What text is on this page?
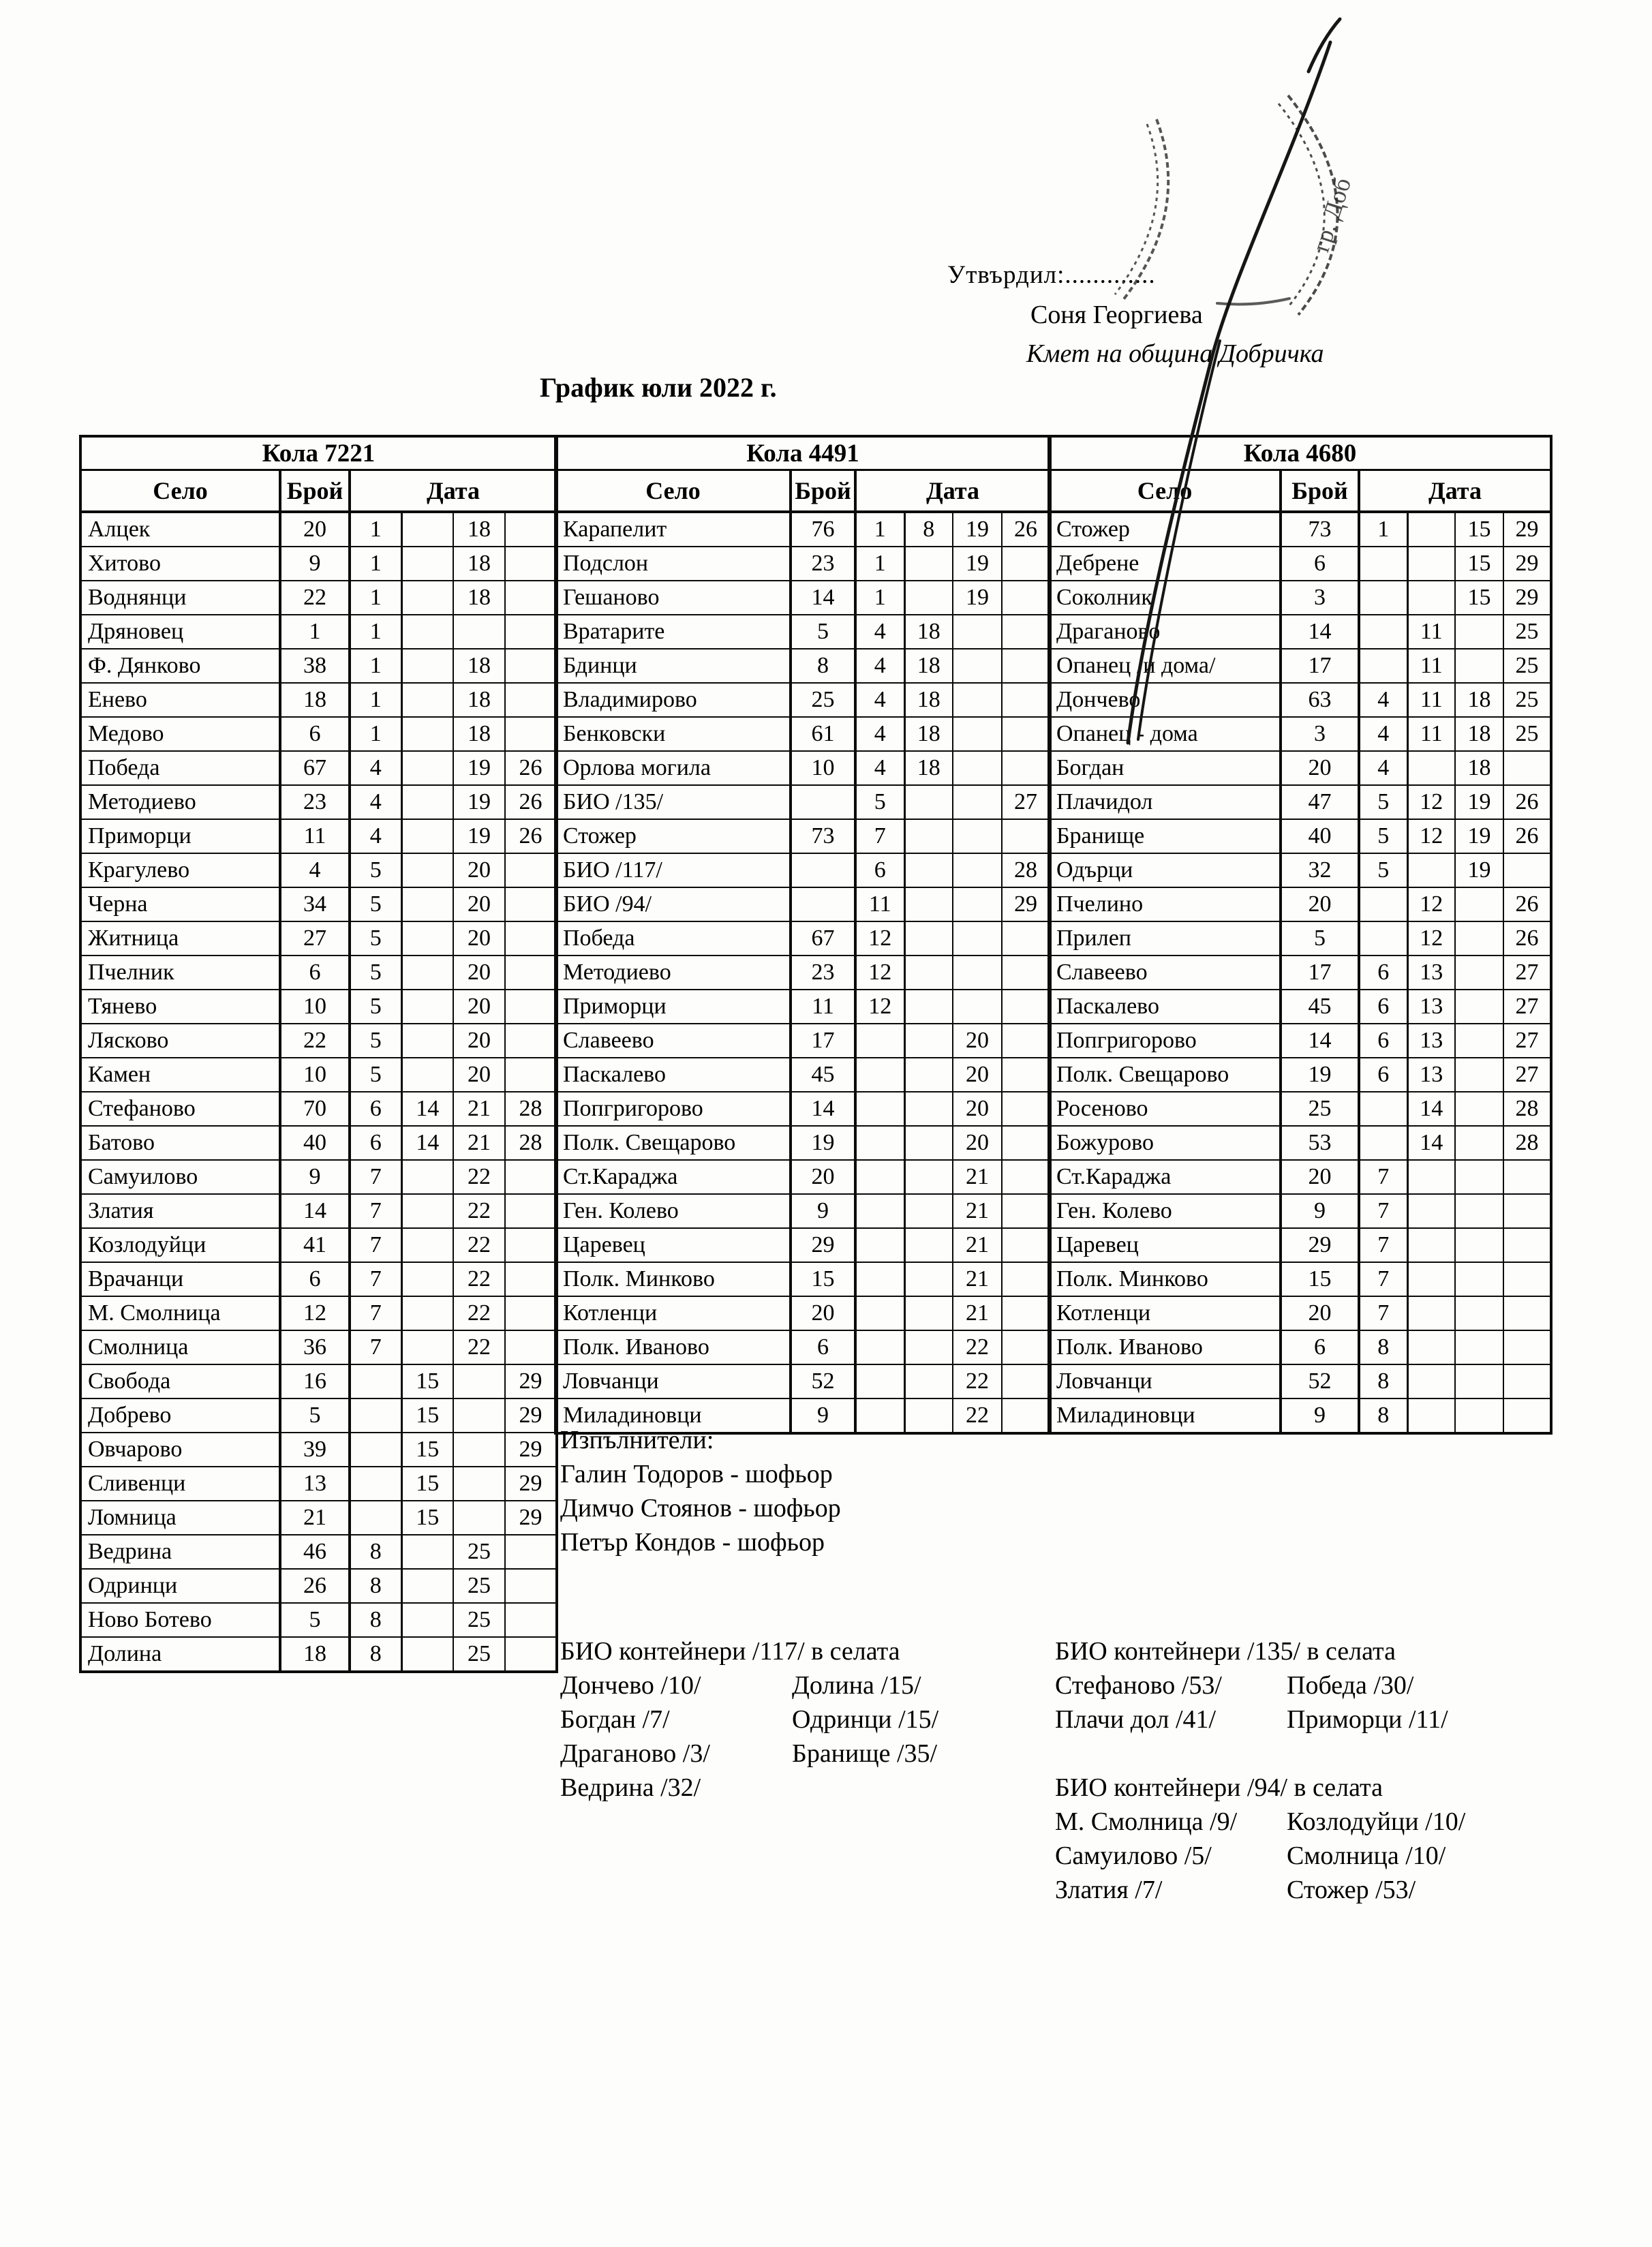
Утвърдил:.............
Соня Георгиева
Кмет на община Добричка
График юли 2022 г.
Кола 7221					
Село	Брой	Дата			
Алцек	20	1		18	
Хитово	9	1		18	
Воднянци	22	1		18	
Дряновец	1	1			
Ф. Дянково	38	1		18	
Енево	18	1		18	
Медово	6	1		18	
Победа	67	4		19	26
Методиево	23	4		19	26
Приморци	11	4		19	26
Крагулево	4	5		20	
Черна	34	5		20	
Житница	27	5		20	
Пчелник	6	5		20	
Тянево	10	5		20	
Лясково	22	5		20	
Камен	10	5		20	
Стефаново	70	6	14	21	28
Батово	40	6	14	21	28
Самуилово	9	7		22	
Златия	14	7		22	
Козлодуйци	41	7		22	
Врачанци	6	7		22	
М. Смолница	12	7		22	
Смолница	36	7		22	
Свобода	16		15		29
Добрево	5		15		29
Овчарово	39		15		29
Сливенци	13		15		29
Ломница	21		15		29
Ведрина	46	8		25	
Одринци	26	8		25	
Ново Ботево	5	8		25	
Долина	18	8		25	
Кола 4491					
Село	Брой	Дата			
Карапелит	76	1	8	19	26
Подслон	23	1		19	
Гешаново	14	1		19	
Вратарите	5	4	18		
Бдинци	8	4	18		
Владимирово	25	4	18		
Бенковски	61	4	18		
Орлова могила	10	4	18		
БИО /135/		5			27
Стожер	73	7			
БИО /117/		6			28
БИО /94/		11			29
Победа	67	12			
Методиево	23	12			
Приморци	11	12			
Славеево	17			20	
Паскалево	45			20	
Попгригорово	14			20	
Полк. Свещарово	19			20	
Ст.Караджа	20			21	
Ген. Колево	9			21	
Царевец	29			21	
Полк. Минково	15			21	
Котленци	20			21	
Полк. Иваново	6			22	
Ловчанци	52			22	
Миладиновци	9			22	
Кола 4680					
Село	Брой	Дата			
Стожер	73	1		15	29
Дебрене	6			15	29
Соколник	3			15	29
Драганово	14		11		25
Опанец /и дома/	17		11		25
Дончево	63	4	11	18	25
Опанец - дома	3	4	11	18	25
Богдан	20	4		18	
Плачидол	47	5	12	19	26
Бранище	40	5	12	19	26
Одърци	32	5		19	
Пчелино	20		12		26
Прилеп	5		12		26
Славеево	17	6	13		27
Паскалево	45	6	13		27
Попгригорово	14	6	13		27
Полк. Свещарово	19	6	13		27
Росеново	25		14		28
Божурово	53		14		28
Ст.Караджа	20	7			
Ген. Колево	9	7			
Царевец	29	7			
Полк. Минково	15	7			
Котленци	20	7			
Полк. Иваново	6	8			
Ловчанци	52	8			
Миладиновци	9	8			
Изпълнители:
Галин Тодоров - шофьор
Димчо Стоянов - шофьор
Петър Кондов - шофьор
БИО контейнери /117/ в селата
Дончево /10/	Долина /15/
Богдан /7/	Одринци /15/
Драганово /3/	Бранище /35/
Ведрина /32/
БИО контейнери /135/ в селата
Стефаново /53/	Победа /30/
Плачи дол /41/	Приморци /11/
БИО контейнери /94/ в селата
М. Смолница /9/ Козлодуйци /10/
Самуилово /5/	Смолница /10/
Златия /7/	Стожер /53/
гр. Доб
